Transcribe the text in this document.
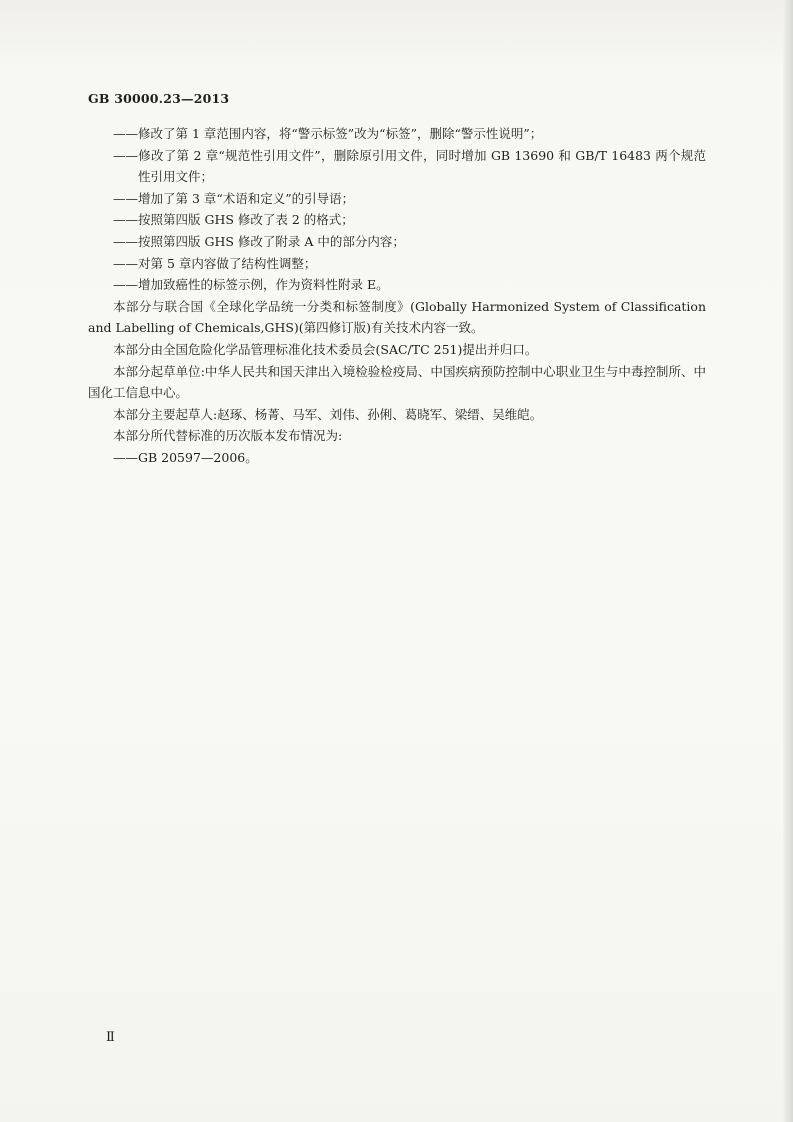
GB 30000.23—2013

——修改了第 1 章范围内容，将“警示标签”改为“标签”，删除“警示性说明”；

——修改了第 2 章“规范性引用文件”，删除原引用文件，同时增加 GB 13690 和 GB/T 16483 两个规范性引用文件；

——增加了第 3 章“术语和定义”的引导语；

——按照第四版 GHS 修改了表 2 的格式；

——按照第四版 GHS 修改了附录 A 中的部分内容；

——对第 5 章内容做了结构性调整；

——增加致癌性的标签示例，作为资料性附录 E。

本部分与联合国《全球化学品统一分类和标签制度》(Globally Harmonized System of Classification and Labelling of Chemicals,GHS)(第四修订版)有关技术内容一致。

本部分由全国危险化学品管理标准化技术委员会(SAC/TC 251)提出并归口。

本部分起草单位:中华人民共和国天津出入境检验检疫局、中国疾病预防控制中心职业卫生与中毒控制所、中国化工信息中心。

本部分主要起草人:赵琢、杨菁、马军、刘伟、孙俐、葛晓军、梁缙、吴维皑。

本部分所代替标准的历次版本发布情况为:

——GB 20597—2006。

Ⅱ
